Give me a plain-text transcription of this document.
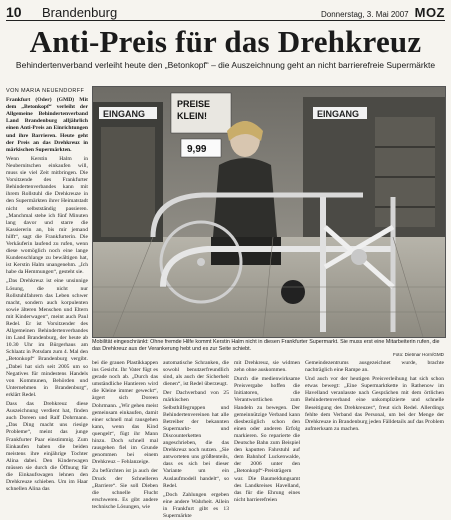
10	Brandenburg	Donnerstag, 3. Mai 2007 MOZ
Anti-Preis für das Drehkreuz
Behindertenverband verleiht heute den „Betonkopf“ – die Auszeichnung geht an nicht barrierefreie Supermärkte
VON MARIA NEUENDORFF

Frankfurt (Oder) (GMD) Mit dem „Betonkopf“ verleiht der Allgemeine Behindertenverband Land Brandenburg alljährlich einen Anti-Preis an Einrichtungen und ihre Barrieren. Heute geht der Preis an das Drehkreuz in märkischen Supermärkten.

Wenn Kerstin Halm in Neubernitschen einkaufen will, muss sie viel Zeit mitbringen. Die Vorsitzende des Frankfurter Behindertenverbandes kann mit ihrem Rollstuhl die Drehkreuze in den Supermärkten ihrer Heimatstadt nicht selbstständig passieren. „Manchmal stehe ich fünf Minuten lang davor und starre die Kassiererin an, bis mir jemand hilft“, sagt die Frankfurterin. Die Verkäuferin laufend zu rufen, wenn diese womöglich noch eine lange Kundenschlange zu bewältigen hat, ist Kerstin Halm unangenehm. „Ich habe da Hemmungen“, gesteht sie.

„Das Drehkreuz ist eine unsinnige Lösung, die nicht nur Rollstuhlfahrern das Leben schwer macht, sondern auch korpulenten sowie älteren Menschen und Eltern mit Kinderwagen“, meint auch Paul Redel. Er ist Vorsitzender des Allgemeinen Behindertenverbandes im Land Brandenburg, der heute ab 10.30 Uhr im Bürgerhaus am Schlaatz in Potsdam zum 4. Mal den „Betonkopf“ Brandenburg vergibt. „Dabei hat sich seit 2005 um so Negatives für mindestens Handels von Kommunen, Behörden und Unternehmen in Brandenburg“, erklärt Redel.

Dass das Drehkreuz diese Auszeichnung verdient hat, finden auch Doreen und Ralf Dohrmann. „Das Ding macht uns riesige Probleme“, meint das junge Frankfurter Paar einstimmig. Zum Einkaufen haben die beiden meistens ihre einjährige Tochter Alina dabei. Den Kinderwagen müssen sie durch die Öffnung für die Einkaufswagen lehnen den Drehkreuze schieben. Um im Haar schnellen Alina das

EINGANG
PREISE
KLEIN!
9,99
EINGANG
Mobilität eingeschränkt: Ohne fremde Hilfe kommt Kerstin Halm nicht in diesen Frankfurter Supermarkt. Sie muss erst eine Mitarbeiterin rufen, die das Drehkreuz aus der Verankerung hebt und es zur Seite schiebt.
Foto: Dietmar Horn/GMD

bei die grauen Plastikkappen ins Gesicht. Ihr Vater fügt es gerade noch ab. „Durch das umständliche Hantieren wird die Kleine immer geweckt“, ärgert sich Doreen Dohrmann. „Wir gehen meist gemeinsam einkaufen, damit einer schnell mal rausgehen kann, wenn das Kind quengelt“, fügt ihr Mann hinzu. Doch schnell mal rausgehen fiel im Grunde genommen bei einem Drehkreuz – Fehlanzeige.

Zu befürchten ist ja auch der Druck der Schnelleren „Barriere“. Sie soll Dieben die schnelle Flucht erschweren. Es gibt andere technische Lösungen, wie

automatische Schranken, die sowohl benutzerfreundlich sind, als auch der Sicherheit dienen“, ist Redel überzeugt.

Der Dachverband von 25 märkischen Selbsthilfegruppen und Behindertenvereinen hat alle Betreiber der bekannten Supermarkt- und Discounterketten angeschrieben, die das Drehkreuz noch nutzen. „Sie antworteten uns größtenteils, dass es sich bei dieser Variante um ein Auslaufmodell handelt“, so Redel.

„Doch Zahlungen ergeben eine andere Wahrheit. Allein in Frankfurt gibt es 13 Supermärkte

mit Drehkreuz, sie widmen zehn ohne auskommen.

Durch die medienwirksame Preisvergabe hoffen die Initiatoren, die Verantwortlichen zum Handeln zu bewegen. Der gemeinnützige Verband kann diesbezüglich schon den einen oder anderen Erfolg markieren. So reparierte die Deutsche Bahn zum Beispiel den kaputten Fahrstuhl auf dem Bahnhof Luckenwalde, der 2006 unter den „Betonkopf“-Preisträgern war. Die Baumeldungsamt des Landkreises Havelland, das für die Ehrung eines nicht barrierefreien

Gemeindezentrums ausgezeichnet wurde, brachte nachträglich eine Rampe an.

Und auch vor der heutigen Preisverleihung hat sich schon etwas bewegt: „Eine Supermarktkette in Rathenow im Havelland veranlasste nach Gesprächen mit dem örtlichen Behindertenverband eine unkomplizierte und schnelle Beseitigung des Drehkreuzes“, freut sich Redel. Allerdings fehlte dem Verband das Personal, um bei der Menge der Drehkreuze in Brandenburg jeden Fälldetails auf das Problem aufmerksam zu machen.
